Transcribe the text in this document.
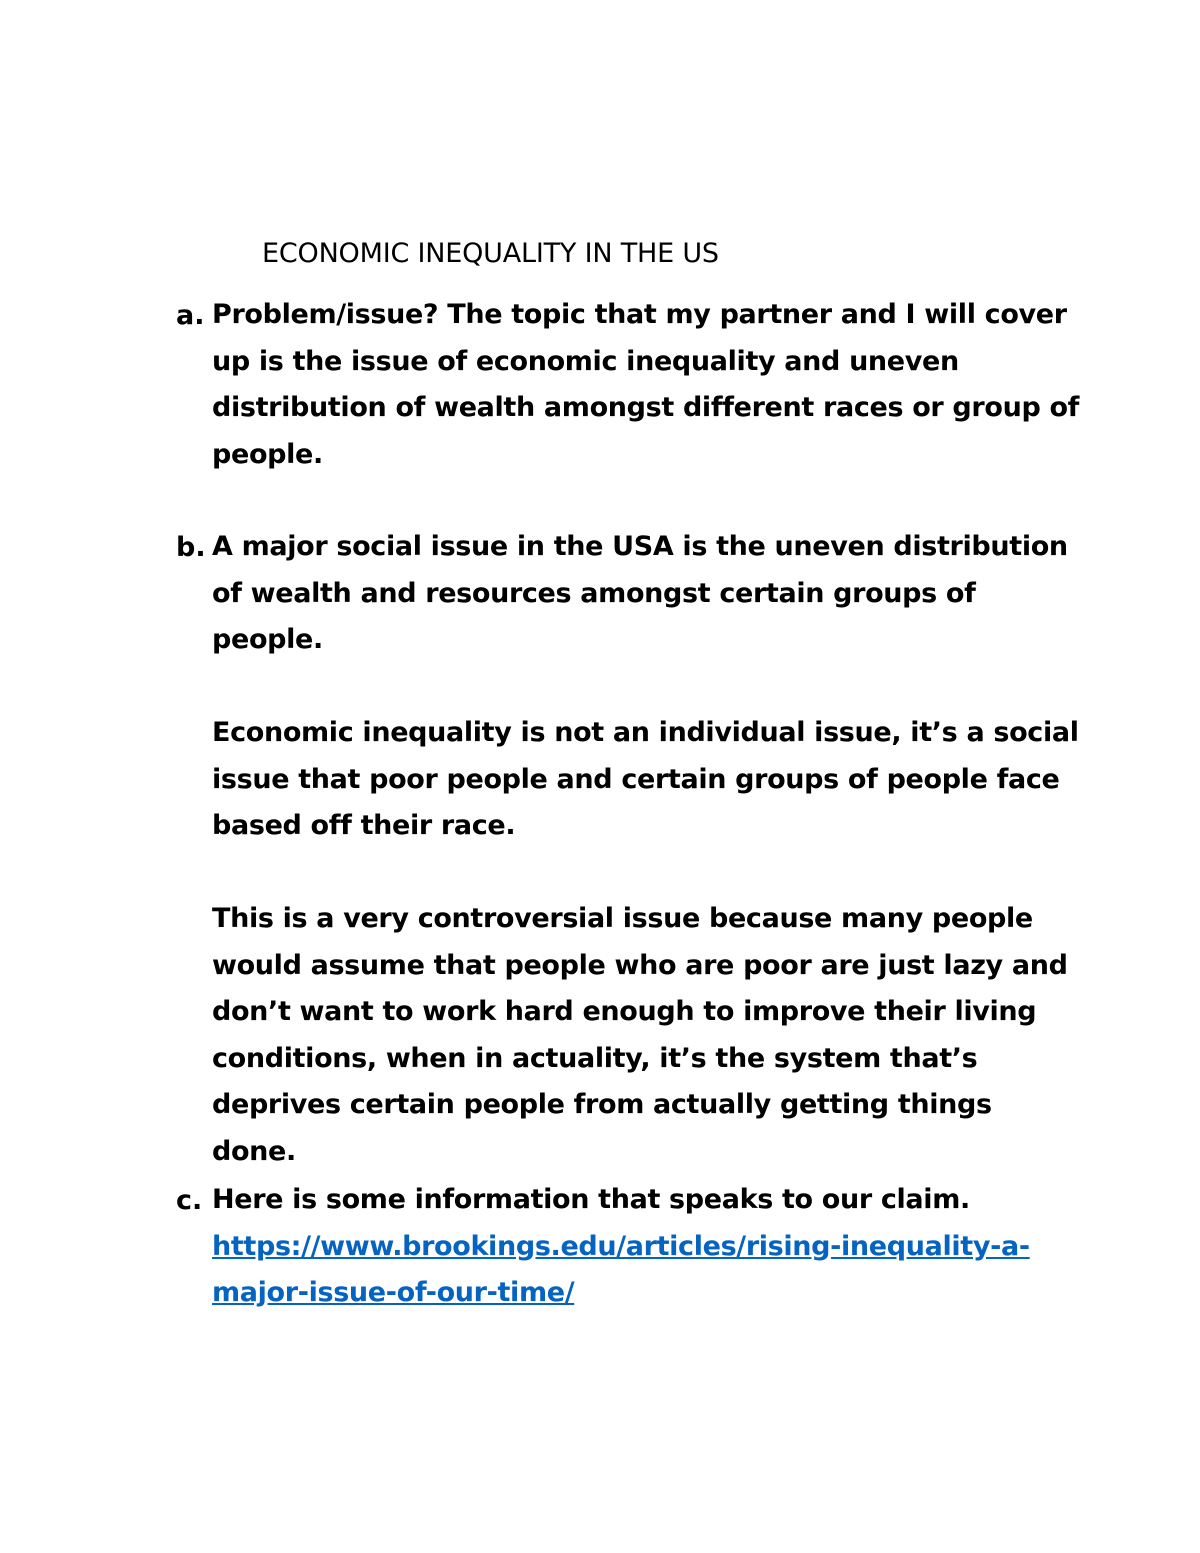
ECONOMIC INEQUALITY IN THE US
a. Problem/issue? The topic that my partner and I will cover up is the issue of economic inequality and uneven distribution of wealth amongst different races or group of people.

b. A major social issue in the USA is the uneven distribution of wealth and resources amongst certain groups of people.

Economic inequality is not an individual issue, it’s a social issue that poor people and certain groups of people face based off their race.

This is a very controversial issue because many people would assume that people who are poor are just lazy and don’t want to work hard enough to improve their living conditions, when in actuality, it’s the system that’s deprives certain people from actually getting things done.

c. Here is some information that speaks to our claim.

https://www.brookings.edu/articles/rising-inequality-a-
major-issue-of-our-time/
